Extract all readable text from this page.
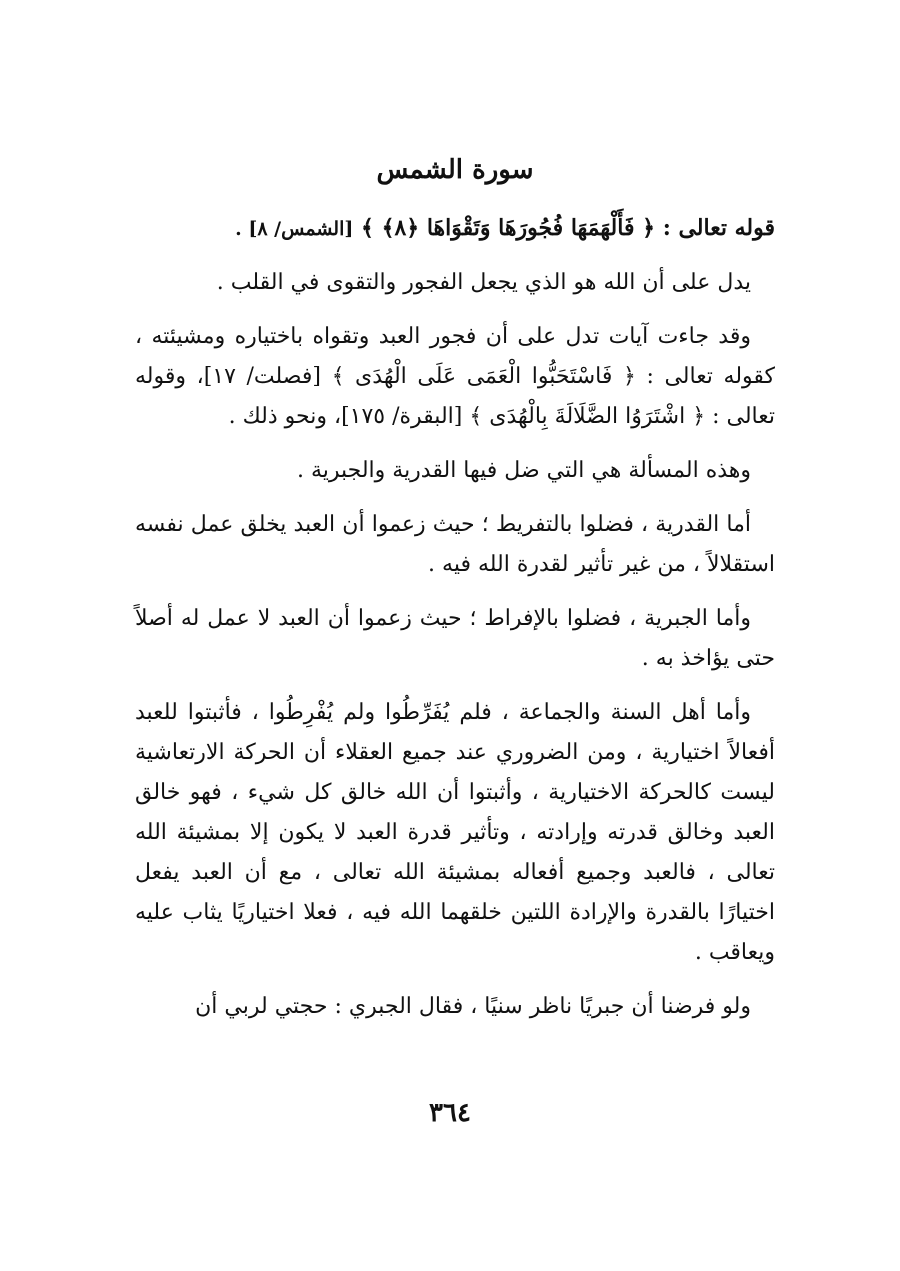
سورة الشمس
قوله تعالى : ﴿ فَأَلْهَمَهَا فُجُورَهَا وَتَقْوَاهَا ﴿٨﴾ ﴾ [الشمس/ ٨] .
يدل على أن الله هو الذي يجعل الفجور والتقوى في القلب .
وقد جاءت آيات تدل على أن فجور العبد وتقواه باختياره ومشيئته ، كقوله تعالى : ﴿ فَاسْتَحَبُّوا الْعَمَى عَلَى الْهُدَى ﴾ [فصلت/ ١٧]، وقوله تعالى : ﴿ اشْتَرَوُا الضَّلَالَةَ بِالْهُدَى ﴾ [البقرة/ ١٧٥]، ونحو ذلك .
وهذه المسألة هي التي ضل فيها القدرية والجبرية .
أما القدرية ، فضلوا بالتفريط ؛ حيث زعموا أن العبد يخلق عمل نفسه استقلالاً ، من غير تأثير لقدرة الله فيه .
وأما الجبرية ، فضلوا بالإفراط ؛ حيث زعموا أن العبد لا عمل له أصلاً حتى يؤاخذ به .
وأما أهل السنة والجماعة ، فلم يُفَرِّطُوا ولم يُفْرِطُوا ، فأثبتوا للعبد أفعالاً اختيارية ، ومن الضروري عند جميع العقلاء أن الحركة الارتعاشية ليست كالحركة الاختيارية ، وأثبتوا أن الله خالق كل شيء ، فهو خالق العبد وخالق قدرته وإرادته ، وتأثير قدرة العبد لا يكون إلا بمشيئة الله تعالى ، فالعبد وجميع أفعاله بمشيئة الله تعالى ، مع أن العبد يفعل اختيارًا بالقدرة والإرادة اللتين خلقهما الله فيه ، فعلا اختياريًا يثاب عليه ويعاقب .
ولو فرضنا أن جبريًا ناظر سنيًا ، فقال الجبري : حجتي لربي أن
٣٦٤
